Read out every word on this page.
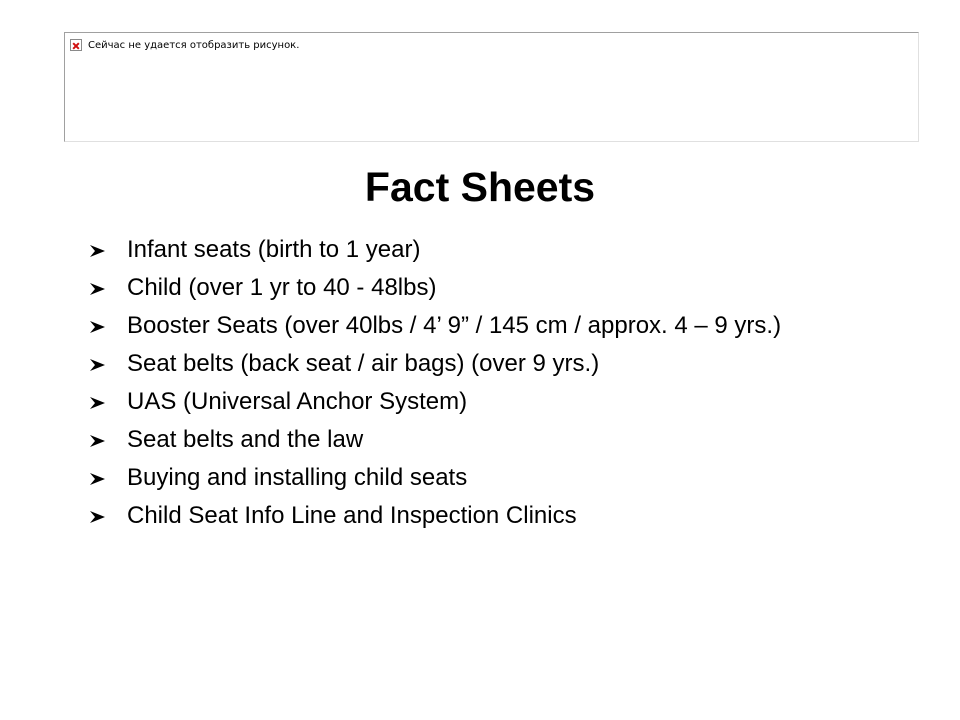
Сейчас не удается отобразить рисунок.
Fact Sheets
Infant seats (birth to 1 year)
Child (over 1 yr to 40 - 48lbs)
Booster Seats (over 40lbs / 4’ 9” / 145 cm / approx. 4 – 9 yrs.)
Seat belts (back seat / air bags) (over 9 yrs.)
UAS (Universal Anchor System)
Seat belts and the law
Buying and installing child seats
Child Seat Info Line and Inspection Clinics
